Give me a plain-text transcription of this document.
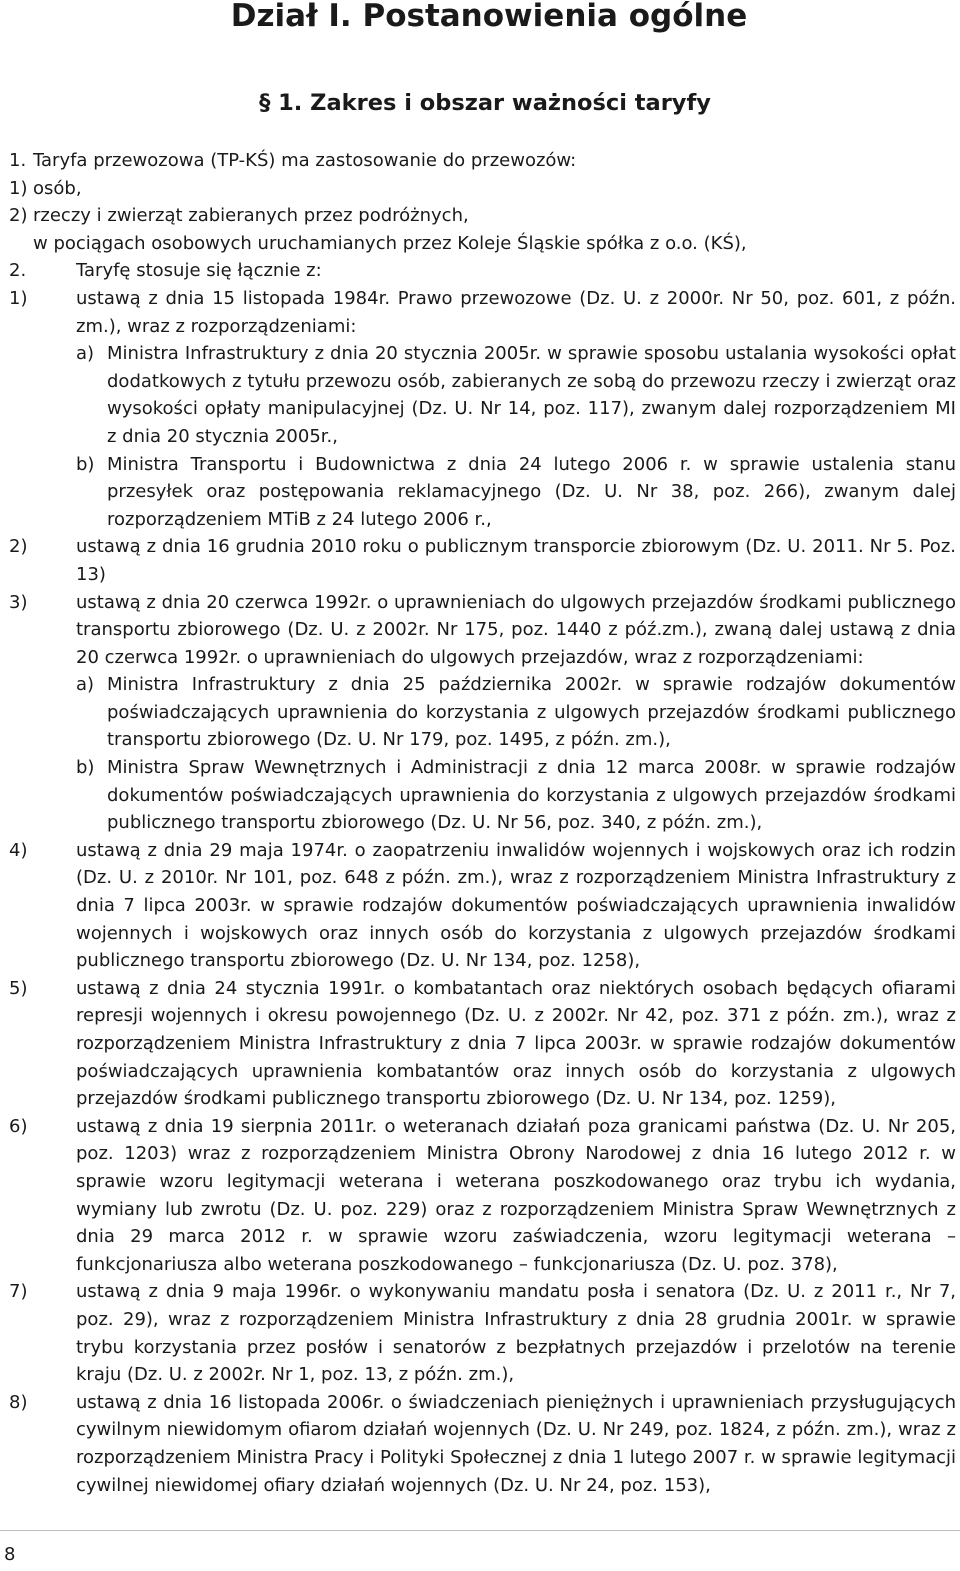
Dział I. Postanowienia ogólne
§ 1. Zakres i obszar ważności taryfy
1. Taryfa przewozowa (TP-KŚ) ma zastosowanie do przewozów:
1) osób,
2) rzeczy i zwierząt zabieranych przez podróżnych,
w pociągach osobowych uruchamianych przez Koleje Śląskie spółka z o.o. (KŚ),
2.	Taryfę stosuje się łącznie z:
1)	ustawą z dnia 15 listopada 1984r. Prawo przewozowe (Dz. U. z 2000r. Nr 50, poz. 601, z późn. zm.), wraz z rozporządzeniami:
a) Ministra Infrastruktury z dnia 20 stycznia 2005r. w sprawie sposobu ustalania wysokości opłat dodatkowych z tytułu przewozu osób, zabieranych ze sobą do przewozu rzeczy i zwierząt oraz wysokości opłaty manipulacyjnej (Dz. U. Nr 14, poz. 117), zwanym dalej rozporządzeniem MI z dnia 20 stycznia 2005r.,
b) Ministra Transportu i Budownictwa z dnia 24 lutego 2006 r. w sprawie ustalenia stanu przesyłek oraz postępowania reklamacyjnego (Dz. U. Nr 38, poz. 266), zwanym dalej rozporządzeniem MTiB z 24 lutego 2006 r.,
2)	ustawą z dnia 16 grudnia 2010 roku o publicznym transporcie zbiorowym (Dz. U. 2011. Nr 5. Poz. 13)
3)	ustawą z dnia 20 czerwca 1992r. o uprawnieniach do ulgowych przejazdów środkami publicznego transportu zbiorowego (Dz. U. z 2002r. Nr 175, poz. 1440 z póź.zm.), zwaną dalej ustawą z dnia 20 czerwca 1992r. o uprawnieniach do ulgowych przejazdów, wraz z rozporządzeniami:
a) Ministra Infrastruktury z dnia 25 października 2002r. w sprawie rodzajów dokumentów poświadczających uprawnienia do korzystania z ulgowych przejazdów środkami publicznego transportu zbiorowego (Dz. U. Nr 179, poz. 1495, z późn. zm.),
b) Ministra Spraw Wewnętrznych i Administracji z dnia 12 marca 2008r. w sprawie rodzajów dokumentów poświadczających uprawnienia do korzystania z ulgowych przejazdów środkami publicznego transportu zbiorowego (Dz. U. Nr 56, poz. 340, z późn. zm.),
4)	ustawą z dnia 29 maja 1974r. o zaopatrzeniu inwalidów wojennych i wojskowych oraz ich rodzin (Dz. U. z 2010r. Nr 101, poz. 648 z późn. zm.), wraz z rozporządzeniem Ministra Infrastruktury z dnia 7 lipca 2003r. w sprawie rodzajów dokumentów poświadczających uprawnienia inwalidów wojennych i wojskowych oraz innych osób do korzystania z ulgowych przejazdów środkami publicznego transportu zbiorowego (Dz. U. Nr 134, poz. 1258),
5)	ustawą z dnia 24 stycznia 1991r. o kombatantach oraz niektórych osobach będących ofiarami represji wojennych i okresu powojennego (Dz. U. z 2002r. Nr 42, poz. 371 z późn. zm.), wraz z rozporządzeniem Ministra Infrastruktury z dnia 7 lipca 2003r. w sprawie rodzajów dokumentów poświadczających uprawnienia kombatantów oraz innych osób do korzystania z ulgowych przejazdów środkami publicznego transportu zbiorowego (Dz. U. Nr 134, poz. 1259),
6)	ustawą z dnia 19 sierpnia 2011r. o weteranach działań poza granicami państwa (Dz. U. Nr 205, poz. 1203) wraz z rozporządzeniem Ministra Obrony Narodowej z dnia 16 lutego 2012 r. w sprawie wzoru legitymacji weterana i weterana poszkodowanego oraz trybu ich wydania, wymiany lub zwrotu (Dz. U. poz. 229) oraz z rozporządzeniem Ministra Spraw Wewnętrznych z dnia 29 marca 2012 r. w sprawie wzoru zaświadczenia, wzoru legitymacji weterana – funkcjonariusza albo weterana poszkodowanego – funkcjonariusza (Dz. U. poz. 378),
7)	ustawą z dnia 9 maja 1996r. o wykonywaniu mandatu posła i senatora (Dz. U. z 2011 r., Nr 7, poz. 29), wraz z rozporządzeniem Ministra Infrastruktury z dnia 28 grudnia 2001r. w sprawie trybu korzystania przez posłów i senatorów z bezpłatnych przejazdów i przelotów na terenie kraju (Dz. U. z 2002r. Nr 1, poz. 13, z późn. zm.),
8)	ustawą z dnia 16 listopada 2006r. o świadczeniach pieniężnych i uprawnieniach przysługujących cywilnym niewidomym ofiarom działań wojennych (Dz. U. Nr 249, poz. 1824, z późn. zm.), wraz z rozporządzeniem Ministra Pracy i Polityki Społecznej z dnia 1 lutego 2007 r. w sprawie legitymacji cywilnej niewidomej ofiary działań wojennych (Dz. U. Nr 24, poz. 153),
8
